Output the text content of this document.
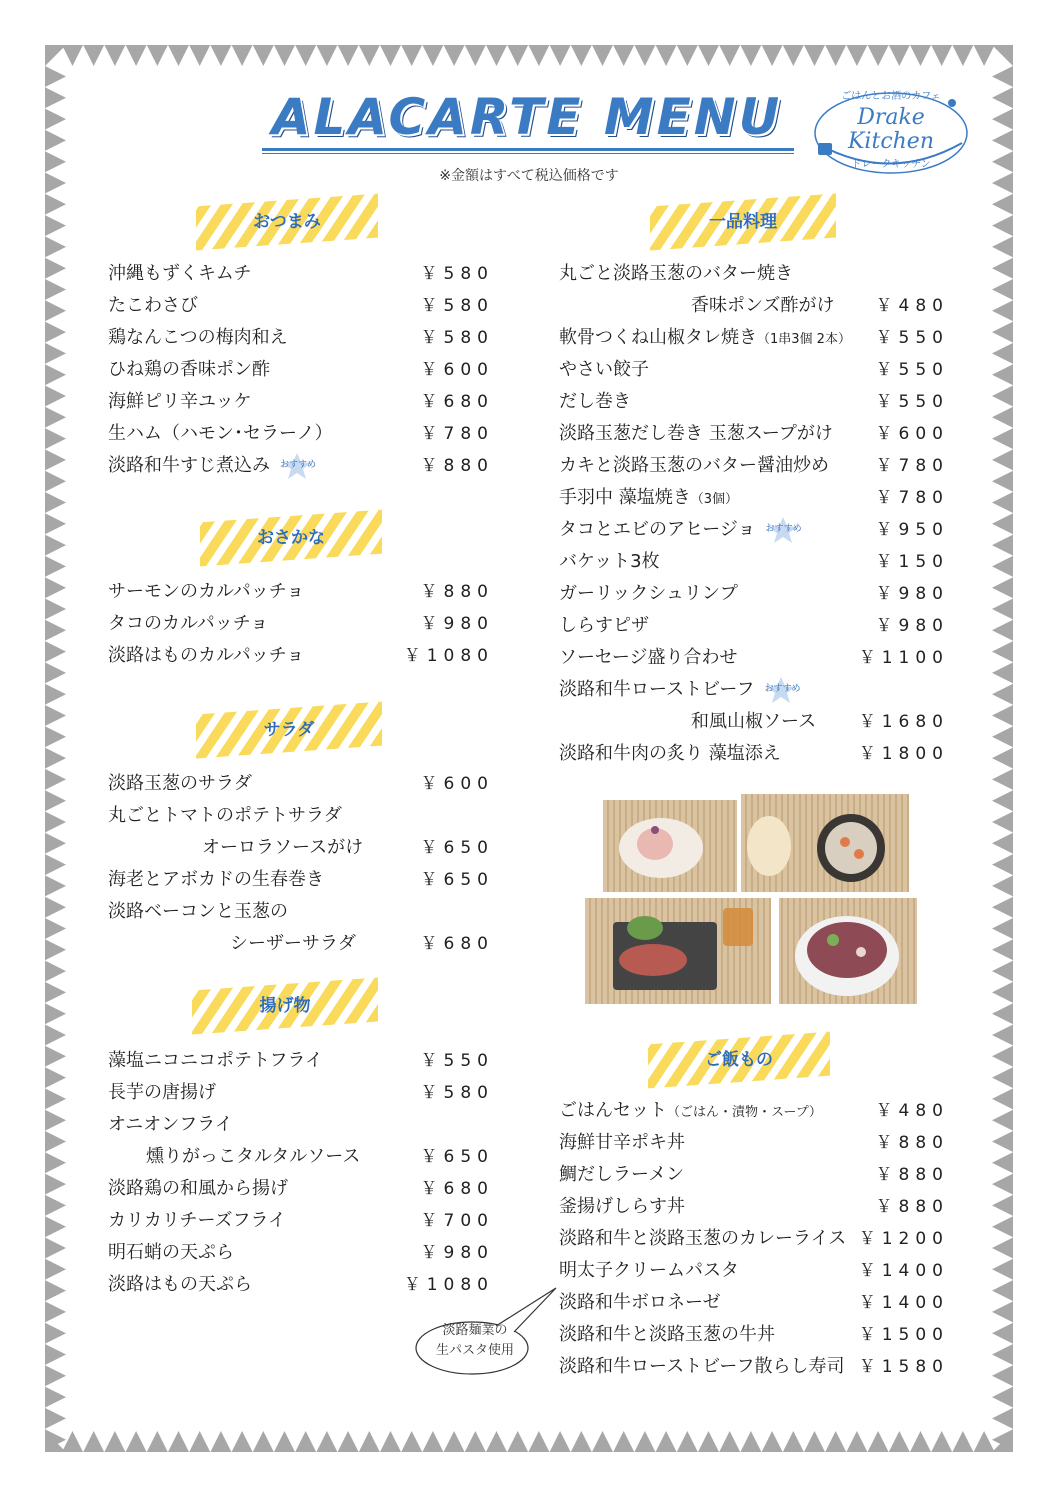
ALACARTE MENU
※金額はすべて税込価格です
ごはんとお酒のカフェ
Drake
Kitchen
ドレークキッチン
おつまみ
おさかな
サラダ
揚げ物
一品料理
ご飯もの
沖縄もずくキムチ	￥580
たこわさび	￥580
鶏なんこつの梅肉和え	￥580
ひね鶏の香味ポン酢	￥600
海鮮ピリ辛ユッケ	￥680
生ハム（ハモン･セラーノ）	￥780
淡路和牛すじ煮込み おすすめ	￥880
サーモンのカルパッチョ	￥880
タコのカルパッチョ	￥980
淡路はものカルパッチョ	￥1080
淡路玉葱のサラダ	￥600
丸ごとトマトのポテトサラダ
オーロラソースがけ	￥650
海老とアボカドの生春巻き	￥650
淡路ベーコンと玉葱の
シーザーサラダ	￥680
藻塩ニコニコポテトフライ	￥550
長芋の唐揚げ	￥580
オニオンフライ
燻りがっこタルタルソース	￥650
淡路鶏の和風から揚げ	￥680
カリカリチーズフライ	￥700
明石蛸の天ぷら	￥980
淡路はもの天ぷら	￥1080
丸ごと淡路玉葱のバター焼き
香味ポンズ酢がけ ￥480
軟骨つくね山椒タレ焼き（1串3個 2本） ￥550
やさい餃子	￥550
だし巻き	￥550
淡路玉葱だし巻き 玉葱スープがけ	￥600
カキと淡路玉葱のバター醤油炒め	￥780
手羽中 藻塩焼き（3個）	￥780
タコとエビのアヒージョ おすすめ	￥950
バケット3枚	￥150
ガーリックシュリンプ	￥980
しらすピザ	￥980
ソーセージ盛り合わせ	￥1100
淡路和牛ローストビーフ おすすめ
和風山椒ソース	￥1680
淡路和牛肉の炙り 藻塩添え	￥1800
ごはんセット（ごはん・漬物・スープ）	￥480
海鮮甘辛ポキ丼	￥880
鯛だしラーメン	￥880
釜揚げしらす丼	￥880
淡路和牛と淡路玉葱のカレーライス ￥1200
明太子クリームパスタ	￥1400
淡路和牛ボロネーゼ	￥1400
淡路和牛と淡路玉葱の牛丼	￥1500
淡路和牛ローストビーフ散らし寿司 ￥1580
淡路麺業の
生パスタ使用
